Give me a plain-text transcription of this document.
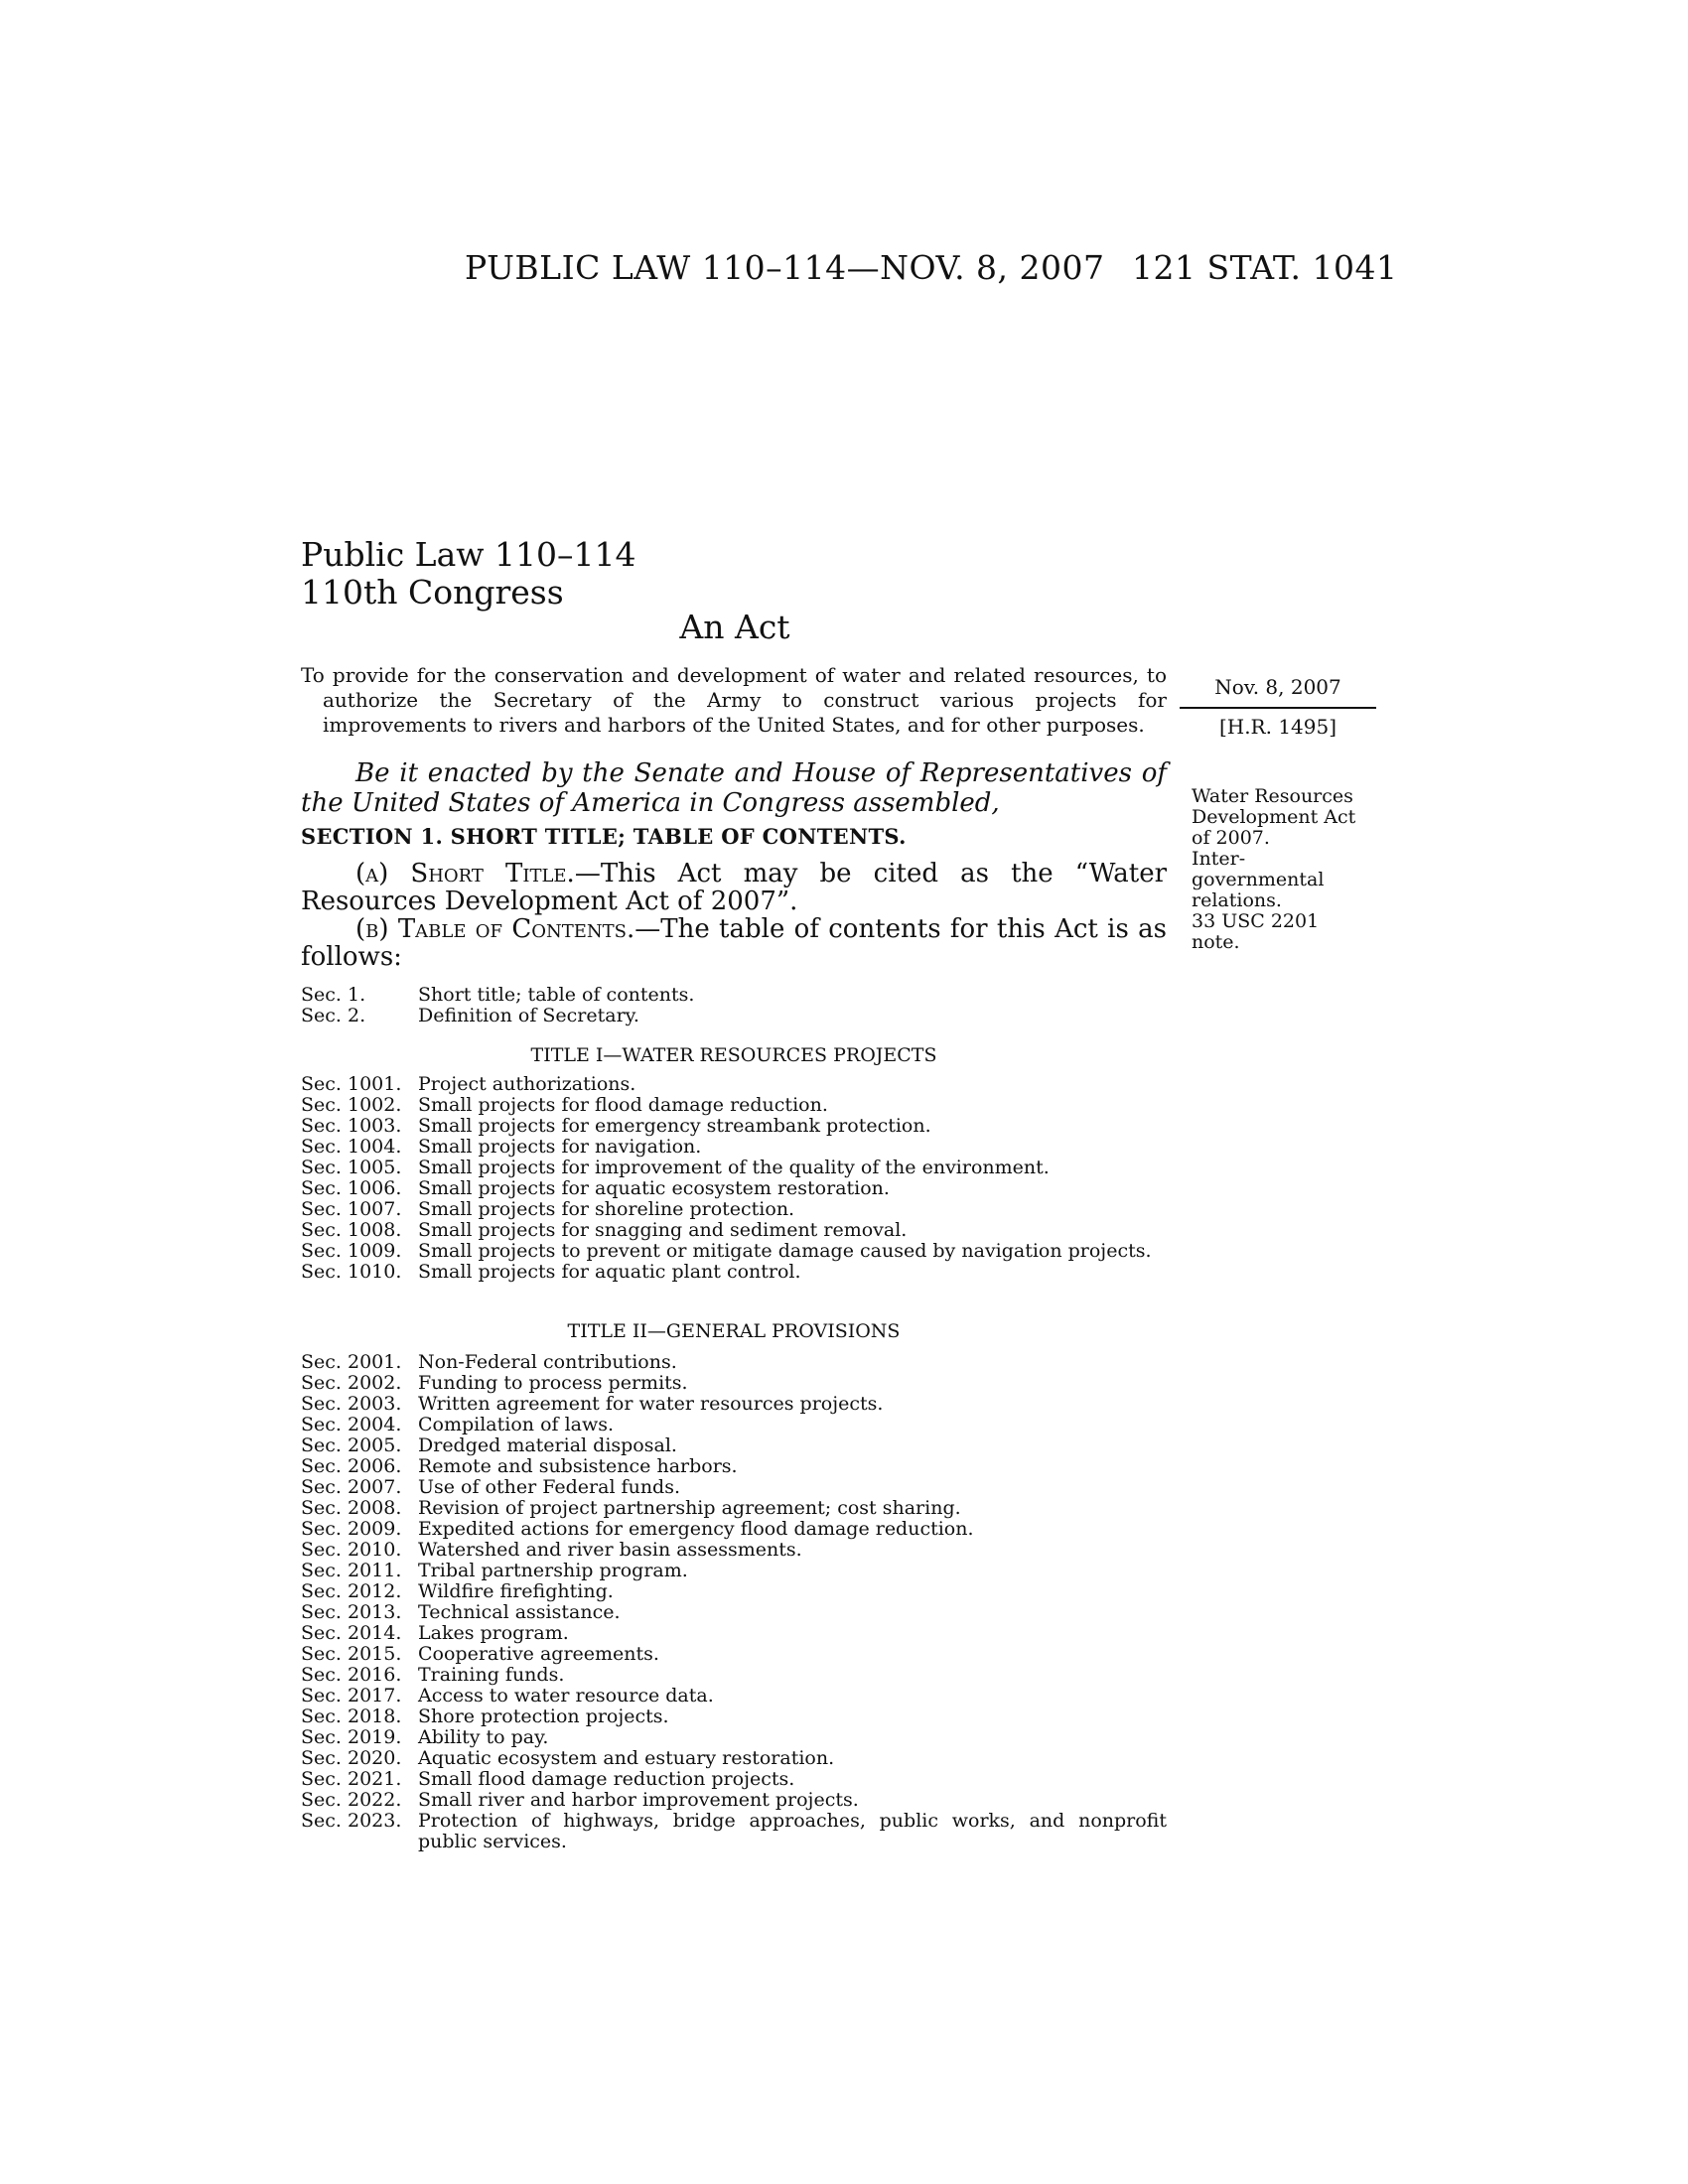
PUBLIC LAW 110–114—NOV. 8, 2007 121 STAT. 1041
Public Law 110–114
110th Congress
An Act

To provide for the conservation and development of water and related resources, to authorize the Secretary of the Army to construct various projects for improvements to rivers and harbors of the United States, and for other purposes.

Nov. 8, 2007
[H.R. 1495]
Be it enacted by the Senate and House of Representatives of the United States of America in Congress assembled,	Water Resources
Development Act
of 2007.
Inter-
governmental
relations.
33 USC 2201
note.
SECTION 1. SHORT TITLE; TABLE OF CONTENTS.
(a) Short Title.—This Act may be cited as the “Water Resources Development Act of 2007”.
(b) Table of Contents.—The table of contents for this Act is as follows:
Sec. 1.	Short title; table of contents.
Sec. 2.	Definition of Secretary.
TITLE I—WATER RESOURCES PROJECTS
Sec. 1001. Project authorizations.
Sec. 1002. Small projects for flood damage reduction.
Sec. 1003. Small projects for emergency streambank protection.
Sec. 1004. Small projects for navigation.
Sec. 1005. Small projects for improvement of the quality of the environment.
Sec. 1006. Small projects for aquatic ecosystem restoration.
Sec. 1007. Small projects for shoreline protection.
Sec. 1008. Small projects for snagging and sediment removal.
Sec. 1009. Small projects to prevent or mitigate damage caused by navigation projects.
Sec. 1010. Small projects for aquatic plant control.
TITLE II—GENERAL PROVISIONS
Sec. 2001. Non-Federal contributions.
Sec. 2002. Funding to process permits.
Sec. 2003. Written agreement for water resources projects.
Sec. 2004. Compilation of laws.
Sec. 2005. Dredged material disposal.
Sec. 2006. Remote and subsistence harbors.
Sec. 2007. Use of other Federal funds.
Sec. 2008. Revision of project partnership agreement; cost sharing.
Sec. 2009. Expedited actions for emergency flood damage reduction.
Sec. 2010. Watershed and river basin assessments.
Sec. 2011. Tribal partnership program.
Sec. 2012. Wildfire firefighting.
Sec. 2013. Technical assistance.
Sec. 2014. Lakes program.
Sec. 2015. Cooperative agreements.
Sec. 2016. Training funds.
Sec. 2017. Access to water resource data.
Sec. 2018. Shore protection projects.
Sec. 2019. Ability to pay.
Sec. 2020. Aquatic ecosystem and estuary restoration.
Sec. 2021. Small flood damage reduction projects.
Sec. 2022. Small river and harbor improvement projects.
Sec. 2023. Protection of highways, bridge approaches, public works, and nonprofit public services.
